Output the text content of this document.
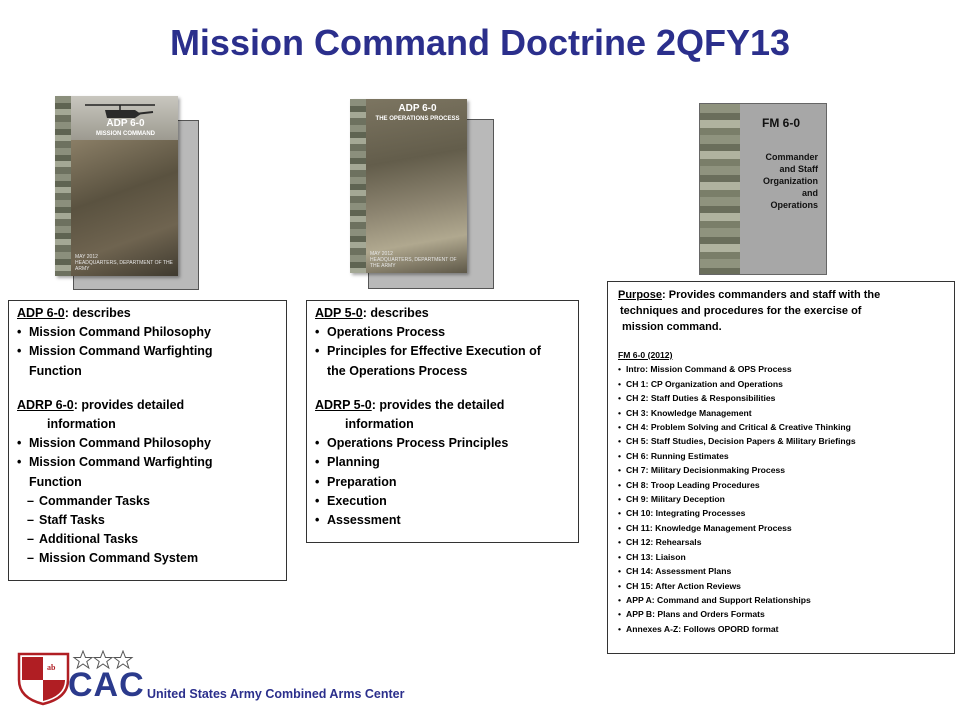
Mission Command Doctrine 2QFY13
ADP 6-0
MISSION COMMAND
MAY 2012
HEADQUARTERS, DEPARTMENT OF THE ARMY
ADP 6-0
THE OPERATIONS PROCESS
MAY 2012
HEADQUARTERS, DEPARTMENT OF THE ARMY
FM 6-0
Commander
and Staff
Organization
and
Operations
ADP 6-0: describes
• Mission Command Philosophy
• Mission Command Warfighting
Function
ADRP 6-0: provides detailed
information
• Mission Command Philosophy
• Mission Command Warfighting
Function
– Commander Tasks
– Staff Tasks
– Additional Tasks
– Mission Command System
ADP 5-0: describes
• Operations Process
• Principles for Effective Execution of
the Operations Process
ADRP 5-0: provides the detailed
information
• Operations Process Principles
• Planning
• Preparation
• Execution
• Assessment
Purpose: Provides commanders and staff with the
techniques and procedures for the exercise of
mission command.
FM 6-0 (2012)
• Intro: Mission Command & OPS Process
• CH 1: CP Organization and Operations
• CH 2: Staff Duties & Responsibilities
• CH 3: Knowledge Management
• CH 4: Problem Solving and Critical & Creative Thinking
• CH 5: Staff Studies, Decision Papers & Military Briefings
• CH 6: Running Estimates
• CH 7: Military Decisionmaking Process
• CH 8: Troop Leading Procedures
• CH 9: Military Deception
• CH 10: Integrating Processes
• CH 11: Knowledge Management Process
• CH 12: Rehearsals
• CH 13: Liaison
• CH 14: Assessment Plans
• CH 15: After Action Reviews
• APP A: Command and Support Relationships
• APP B: Plans and Orders Formats
• Annexes A-Z: Follows OPORD format
ab
ab CAC United States Army Combined Arms Center
